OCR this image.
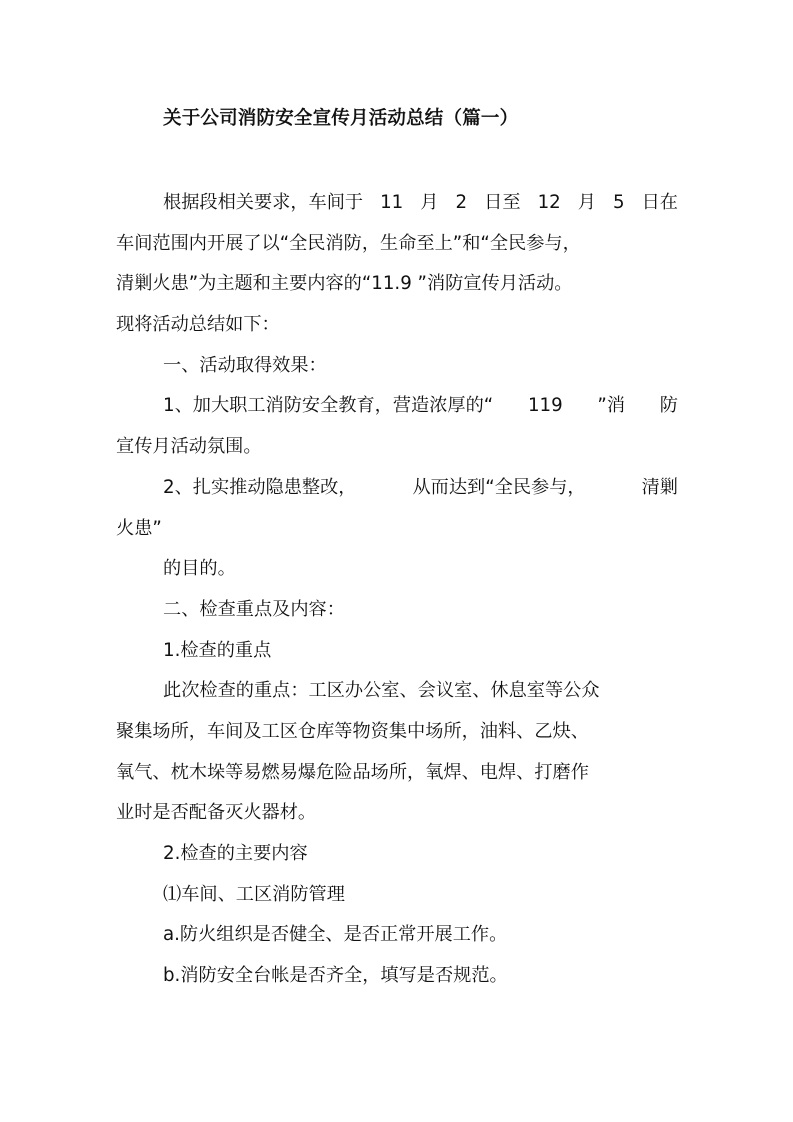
关于公司消防安全宣传月活动总结（篇一）
根据段相关要求，车间于 11 月 2 日至 12 月 5 日在
车间范围内开展了以“全民消防，生命至上”和“全民参与，
清剿火患”为主题和主要内容的“11.9 ”消防宣传月活动。
现将活动总结如下：
一、活动取得效果：
1、加大职工消防安全教育，营造浓厚的“ 119 ”消 防
宣传月活动氛围。
2、扎实推动隐患整改，	从而达到“全民参与，	清剿
火患”
的目的。
二、检查重点及内容：
1.检查的重点
此次检查的重点：工区办公室、会议室、休息室等公众
聚集场所，车间及工区仓库等物资集中场所，油料、乙炔、
氧气、枕木垛等易燃易爆危险品场所，氧焊、电焊、打磨作
业时是否配备灭火器材。
2.检查的主要内容
⑴车间、工区消防管理
a.防火组织是否健全、是否正常开展工作。
b.消防安全台帐是否齐全，填写是否规范。
